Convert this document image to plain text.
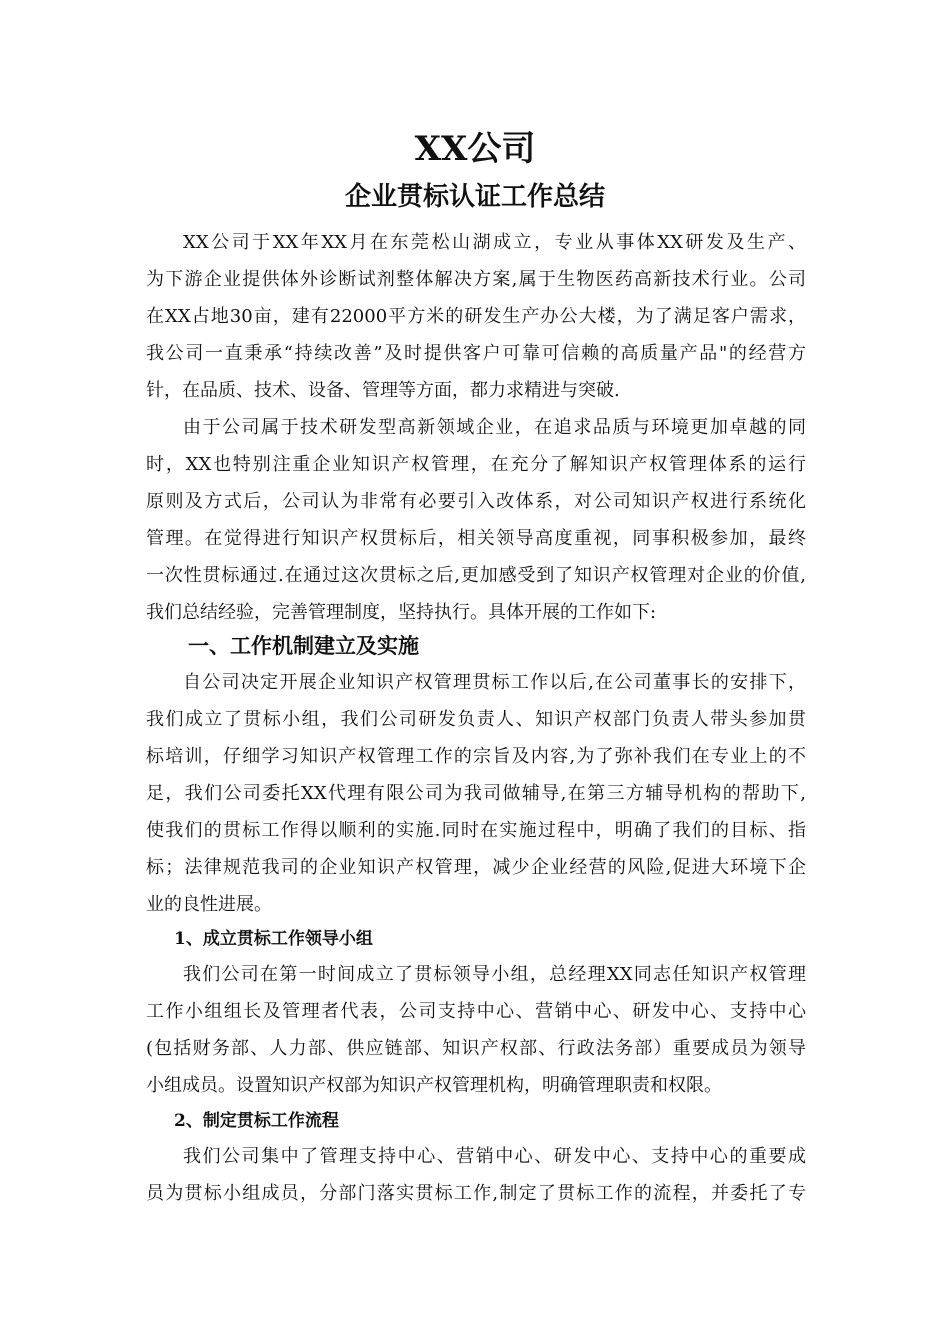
XX公司
企业贯标认证工作总结
XX公司于XX年XX月在东莞松山湖成立，专业从事体XX研发及生产、
为下游企业提供体外诊断试剂整体解决方案,属于生物医药高新技术行业。公司
在XX占地30亩，建有22000平方米的研发生产办公大楼，为了满足客户需求，
我公司一直秉承“持续改善”及时提供客户可靠可信赖的高质量产品"的经营方
针，在品质、技术、设备、管理等方面，都力求精进与突破.
由于公司属于技术研发型高新领域企业，在追求品质与环境更加卓越的同
时，XX也特别注重企业知识产权管理，在充分了解知识产权管理体系的运行
原则及方式后，公司认为非常有必要引入改体系，对公司知识产权进行系统化
管理。在觉得进行知识产权贯标后，相关领导高度重视，同事积极参加，最终
一次性贯标通过.在通过这次贯标之后,更加感受到了知识产权管理对企业的价值,
我们总结经验，完善管理制度，坚持执行。具体开展的工作如下:
一、工作机制建立及实施
自公司决定开展企业知识产权管理贯标工作以后,在公司董事长的安排下，
我们成立了贯标小组，我们公司研发负责人、知识产权部门负责人带头参加贯
标培训，仔细学习知识产权管理工作的宗旨及内容,为了弥补我们在专业上的不
足，我们公司委托XX代理有限公司为我司做辅导,在第三方辅导机构的帮助下,
使我们的贯标工作得以顺利的实施.同时在实施过程中，明确了我们的目标、指
标；法律规范我司的企业知识产权管理，减少企业经营的风险,促进大环境下企
业的良性进展。
1、成立贯标工作领导小组
我们公司在第一时间成立了贯标领导小组，总经理XX同志任知识产权管理
工作小组组长及管理者代表，公司支持中心、营销中心、研发中心、支持中心
(包括财务部、人力部、供应链部、知识产权部、行政法务部）重要成员为领导
小组成员。设置知识产权部为知识产权管理机构，明确管理职责和权限。
2、制定贯标工作流程
我们公司集中了管理支持中心、营销中心、研发中心、支持中心的重要成
员为贯标小组成员，分部门落实贯标工作,制定了贯标工作的流程，并委托了专
